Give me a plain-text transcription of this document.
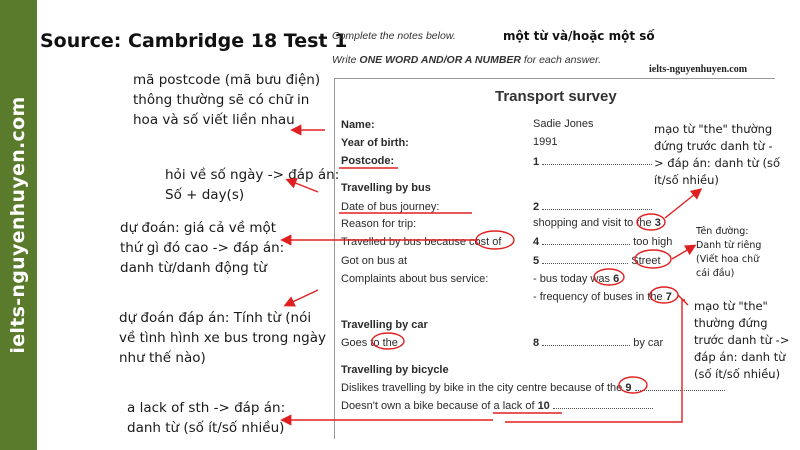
ielts-nguyenhuyen.com
Source: Cambridge 18 Test 1
mã postcode (mã bưu điện)
thông thường sẽ có chữ in
hoa và số viết liền nhau
hỏi về số ngày -> đáp án:
Số + day(s)
dự đoán: giá cả về một
thứ gì đó cao -> đáp án:
danh từ/danh động từ
dự đoán đáp án: Tính từ (nói
về tình hình xe bus trong ngày
như thế nào)
a lack of sth -> đáp án:
danh từ (số ít/số nhiều)
một từ và/hoặc một số
Complete the notes below.
Write ONE WORD AND/OR A NUMBER for each answer.
ielts-nguyenhuyen.com
Transport survey
Name:	Sadie Jones
Year of birth:	1991
Postcode:	1
Travelling by bus
Date of bus journey:	2
Reason for trip:	shopping and visit to the 3
Travelled by bus because cost of	4	too high
Got on bus at	5	Street
Complaints about bus service:	- bus today was 6
- frequency of buses in the 7
Travelling by car
Goes to the	8	by car
Travelling by bicycle
Dislikes travelling by bike in the city centre because of the 9
Doesn't own a bike because of a lack of 10
mạo từ "the" thường
đứng trước danh từ -
> đáp án: danh từ (số
ít/số nhiều)
Tên đường:
Danh từ riêng
(Viết hoa chữ
cái đầu)
mạo từ "the"
thường đứng
trước danh từ ->
đáp án: danh từ
(số ít/số nhiều)
